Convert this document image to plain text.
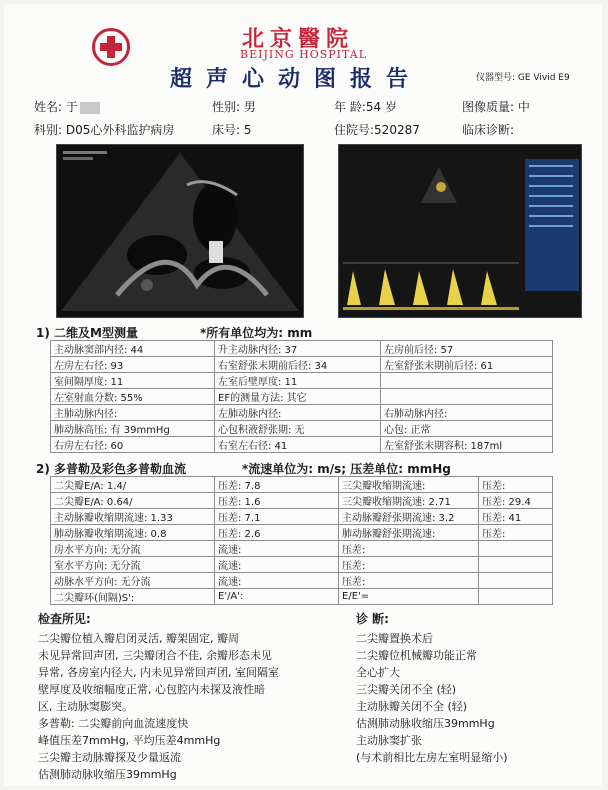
北京醫院
BEIJING HOSPITAL
超声心动图报告	仪器型号: GE Vivid E9
姓名: 于	性别: 男	年 龄:54 岁	图像质量: 中
科别: D05心外科监护病房	床号: 5	住院号:520287	临床诊断:
1) 二维及M型测量	*所有单位均为: mm
主动脉窦部内径: 44	升主动脉内径: 37	左房前后径: 57
左房左右径: 93	右室舒张末期前后径: 34	左室舒张末期前后径: 61
室间隔厚度: 11	左室后壁厚度: 11	
左室射血分数: 55%	EF的测量方法: 其它	
主肺动脉内径:	左肺动脉内径:	右肺动脉内径:
肺动脉高压: 有 39mmHg	心包积液舒张期: 无	心包: 正常
右房左右径: 60	右室左右径: 41	左室舒张末期容积: 187ml
2) 多普勒及彩色多普勒血流	*流速单位为: m/s; 压差单位: mmHg
二尖瓣E/A: 1.4/	压差: 7.8	三尖瓣收缩期流速:	压差:
二尖瓣E/A: 0.64/	压差: 1.6	三尖瓣收缩期流速: 2.71	压差: 29.4
主动脉瓣收缩期流速: 1.33	压差: 7.1	主动脉瓣舒张期流速: 3.2	压差: 41
肺动脉瓣收缩期流速: 0.8	压差: 2.6	肺动脉瓣舒张期流速:	压差:
房水平方向: 无分流	流速:	压差:	
室水平方向: 无分流	流速:	压差:	
动脉水平方向: 无分流	流速:	压差:	
二尖瓣环(间隔)S':	E'/A':	E/E'=	
检查所见:
二尖瓣位植入瓣启闭灵活, 瓣架固定, 瓣周
未见异常回声团, 三尖瓣闭合不佳, 余瓣形态未见
异常, 各房室内径大, 内未见异常回声团, 室间隔室
壁厚度及收缩幅度正常, 心包腔内未探及液性暗
区, 主动脉窦膨突。
多普勒: 二尖瓣前向血流速度快
峰值压差7mmHg, 平均压差4mmHg
三尖瓣主动脉瓣探及少量返流
估测肺动脉收缩压39mmHg
诊 断:
二尖瓣置换术后
二尖瓣位机械瓣功能正常
全心扩大
三尖瓣关闭不全 (轻)
主动脉瓣关闭不全 (轻)
估测肺动脉收缩压39mmHg
主动脉窦扩张
(与术前相比左房左室明显缩小)
